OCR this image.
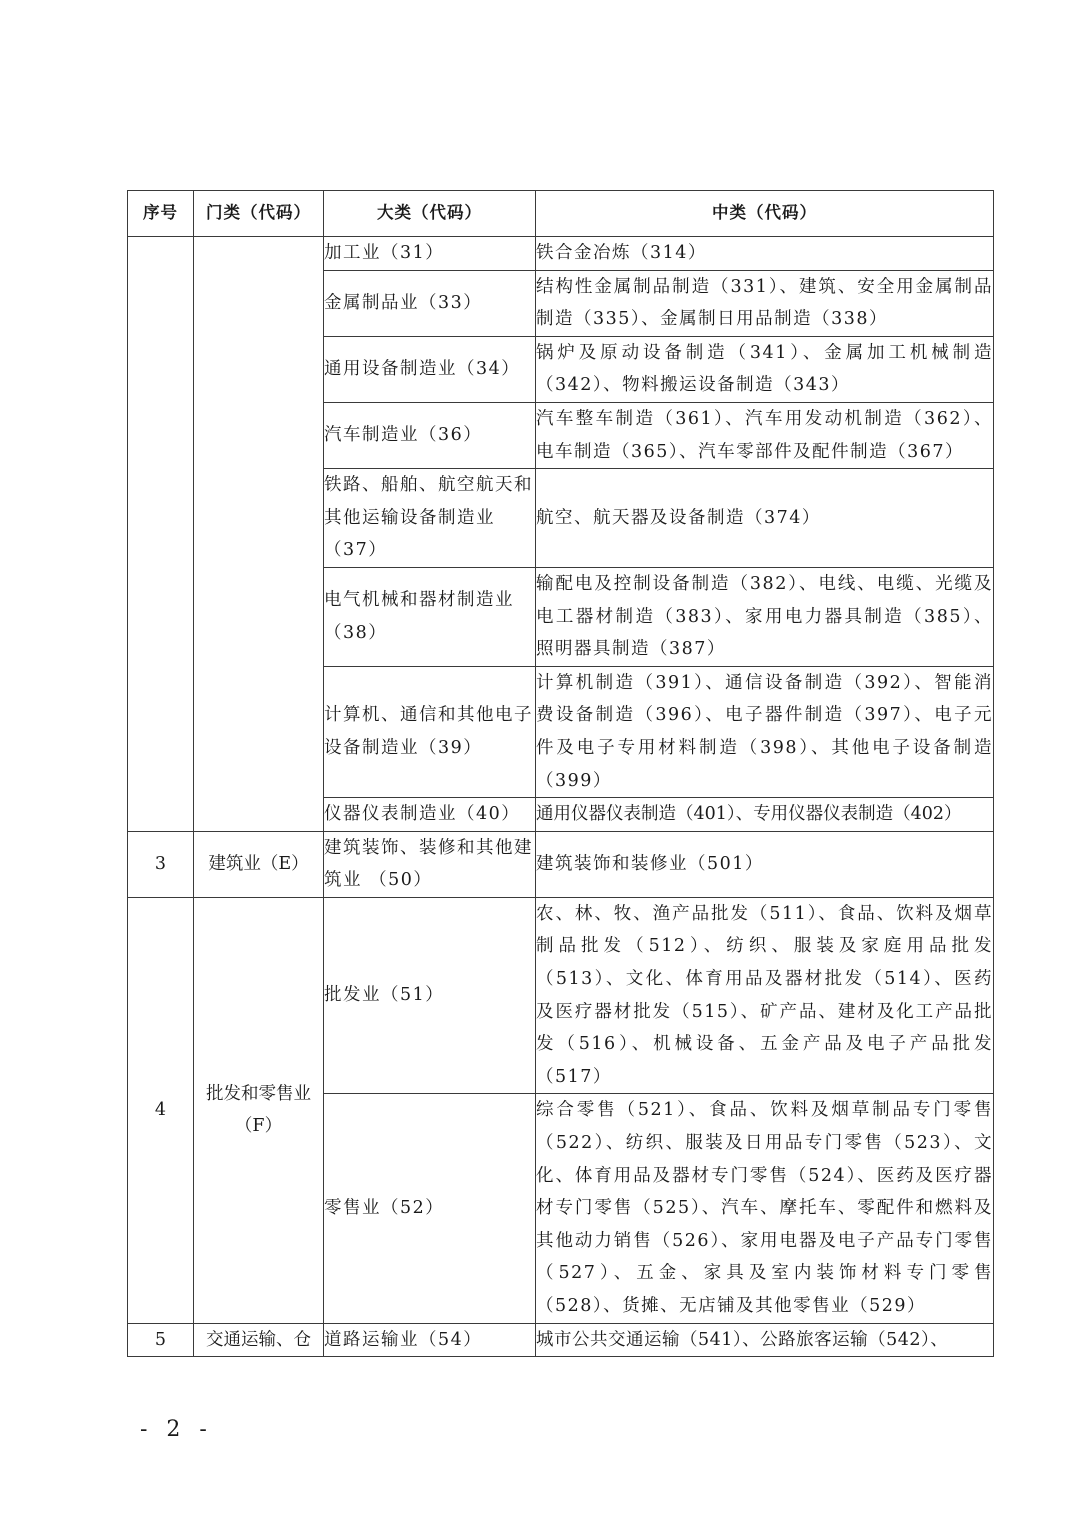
序号	门类（代码）	大类（代码）	中类（代码）
		加工业（31）	铁合金冶炼（314）
		金属制品业（33）	结构性金属制品制造（331）、建筑、安全用金属制品制造（335）、金属制日用品制造（338）
		通用设备制造业（34）	锅炉及原动设备制造（341）、金属加工机械制造（342）、物料搬运设备制造（343）
		汽车制造业（36）	汽车整车制造（361）、汽车用发动机制造（362）、电车制造（365）、汽车零部件及配件制造（367）
		铁路、船舶、航空航天和其他运输设备制造业（37）	航空、航天器及设备制造（374）
		电气机械和器材制造业（38）	输配电及控制设备制造（382）、电线、电缆、光缆及电工器材制造（383）、家用电力器具制造（385）、照明器具制造（387）
		计算机、通信和其他电子设备制造业（39）	计算机制造（391）、通信设备制造（392）、智能消费设备制造（396）、电子器件制造（397）、电子元件及电子专用材料制造（398）、其他电子设备制造（399）
		仪器仪表制造业（40）	通用仪器仪表制造（401）、专用仪器仪表制造（402）
3	建筑业（E）	建筑装饰、装修和其他建筑业 （50）	建筑装饰和装修业（501）
4	批发和零售业（F）	批发业（51）	农、林、牧、渔产品批发（511）、食品、饮料及烟草制品批发（512）、纺织、服装及家庭用品批发（513）、文化、体育用品及器材批发（514）、医药及医疗器材批发（515）、矿产品、建材及化工产品批发（516）、机械设备、五金产品及电子产品批发（517）
		零售业（52）	综合零售（521）、食品、饮料及烟草制品专门零售（522）、纺织、服装及日用品专门零售（523）、文化、体育用品及器材专门零售（524）、医药及医疗器材专门零售（525）、汽车、摩托车、零配件和燃料及其他动力销售（526）、家用电器及电子产品专门零售（527）、五金、家具及室内装饰材料专门零售（528）、货摊、无店铺及其他零售业（529）
5	交通运输、仓	道路运输业（54）	城市公共交通运输（541）、公路旅客运输（542）、
- 2 -
